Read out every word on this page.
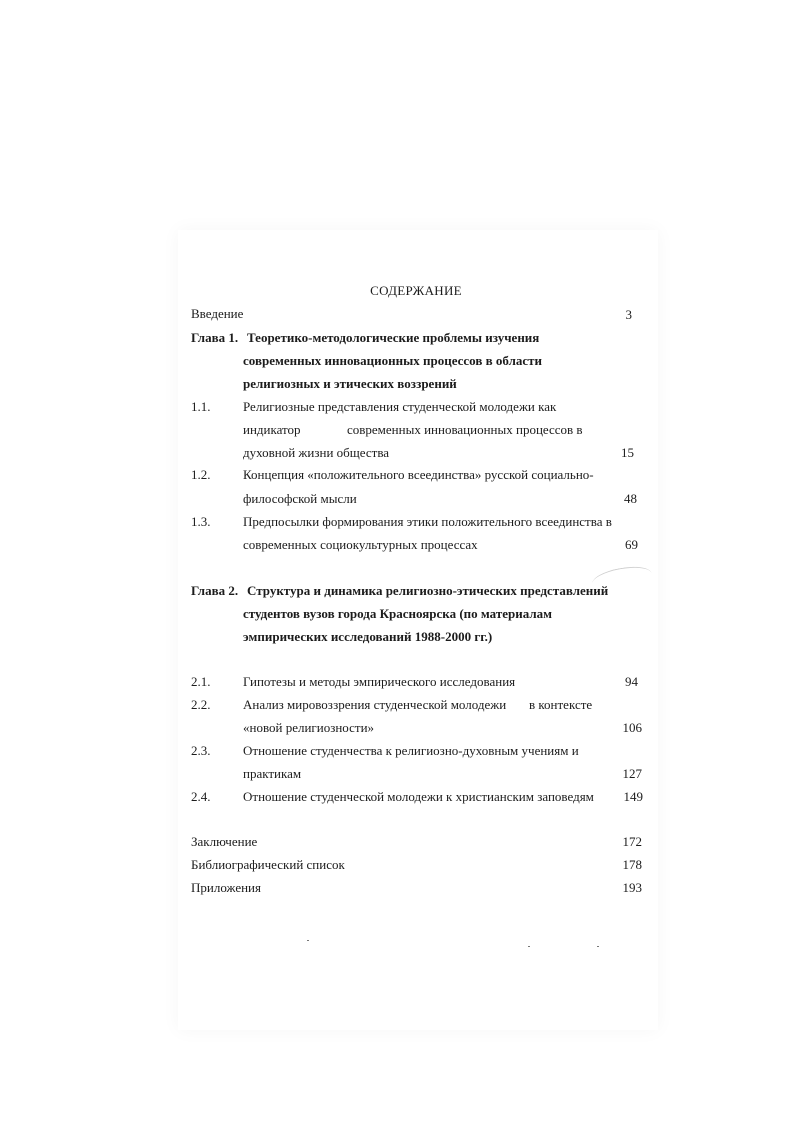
СОДЕРЖАНИЕ
Введение	3
Глава 1. Теоретико-методологические проблемы изучения
современных инновационных процессов в области
религиозных и этических воззрений
1.1.	Религиозные представления студенческой молодежи как
индикатор	современных инновационных процессов в
духовной жизни общества	15
1.2.	Концепция «положительного всеединства» русской социально-
философской мысли	48
1.3.	Предпосылки формирования этики положительного всеединства в
современных социокультурных процессах	69
Глава 2. Структура и динамика религиозно-этических представлений
студентов вузов города Красноярска (по материалам
эмпирических исследований 1988-2000 гг.)
2.1.	Гипотезы и методы эмпирического исследования	94
2.2.	Анализ мировоззрения студенческой молодежи в контексте
«новой религиозности»	106
2.3.	Отношение студенчества к религиозно-духовным учениям и
практикам	127
2.4.	Отношение студенческой молодежи к христианским заповедям	149
Заключение	172
Библиографический список	178
Приложения	193
